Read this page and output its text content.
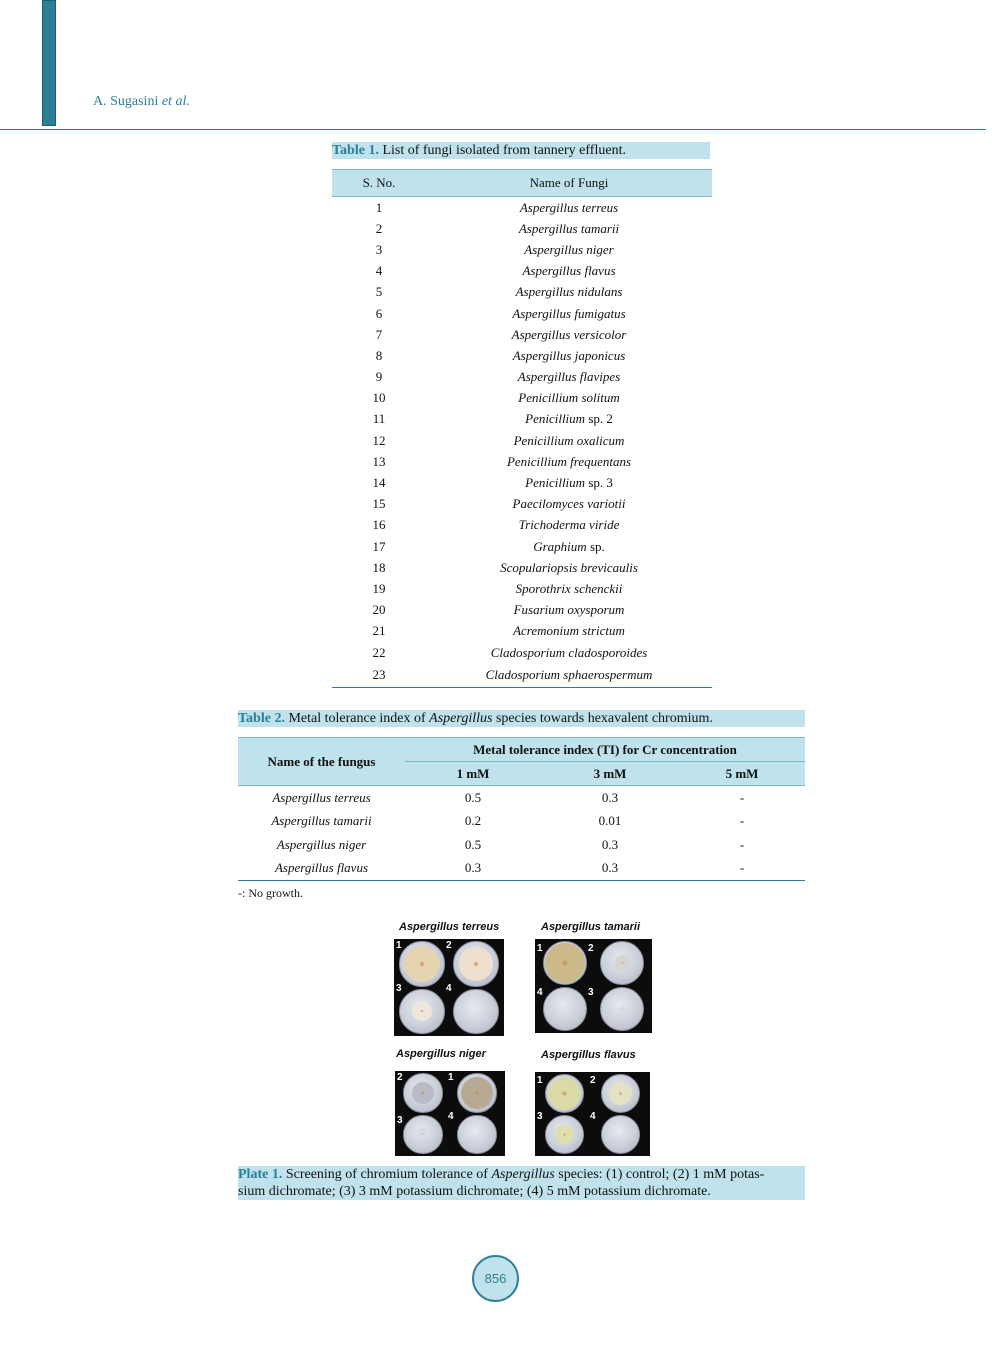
A. Sugasini et al.
Table 1. List of fungi isolated from tannery effluent.
S. No.	Name of Fungi
1	Aspergillus terreus
2	Aspergillus tamarii
3	Aspergillus niger
4	Aspergillus flavus
5	Aspergillus nidulans
6	Aspergillus fumigatus
7	Aspergillus versicolor
8	Aspergillus japonicus
9	Aspergillus flavipes
10	Penicillium solitum
11	Penicillium sp. 2
12	Penicillium oxalicum
13	Penicillium frequentans
14	Penicillium sp. 3
15	Paecilomyces variotii
16	Trichoderma viride
17	Graphium sp.
18	Scopulariopsis brevicaulis
19	Sporothrix schenckii
20	Fusarium oxysporum
21	Acremonium strictum
22	Cladosporium cladosporoides
23	Cladosporium sphaerospermum
Table 2. Metal tolerance index of Aspergillus species towards hexavalent chromium.
Name of the fungus	Metal tolerance index (TI) for Cr concentration		
	1 mM	3 mM	5 mM
Aspergillus terreus	0.5	0.3	-
Aspergillus tamarii	0.2	0.01	-
Aspergillus niger	0.5	0.3	-
Aspergillus flavus	0.3	0.3	-
-: No growth.
Aspergillus terreus
1	2
3	4
Aspergillus tamarii
1	2
4	3
Aspergillus niger
2	1
3	4
Aspergillus flavus
1	2
3	4
Plate 1. Screening of chromium tolerance of Aspergillus species: (1) control; (2) 1 mM potas-
sium dichromate; (3) 3 mM potassium dichromate; (4) 5 mM potassium dichromate.
856
